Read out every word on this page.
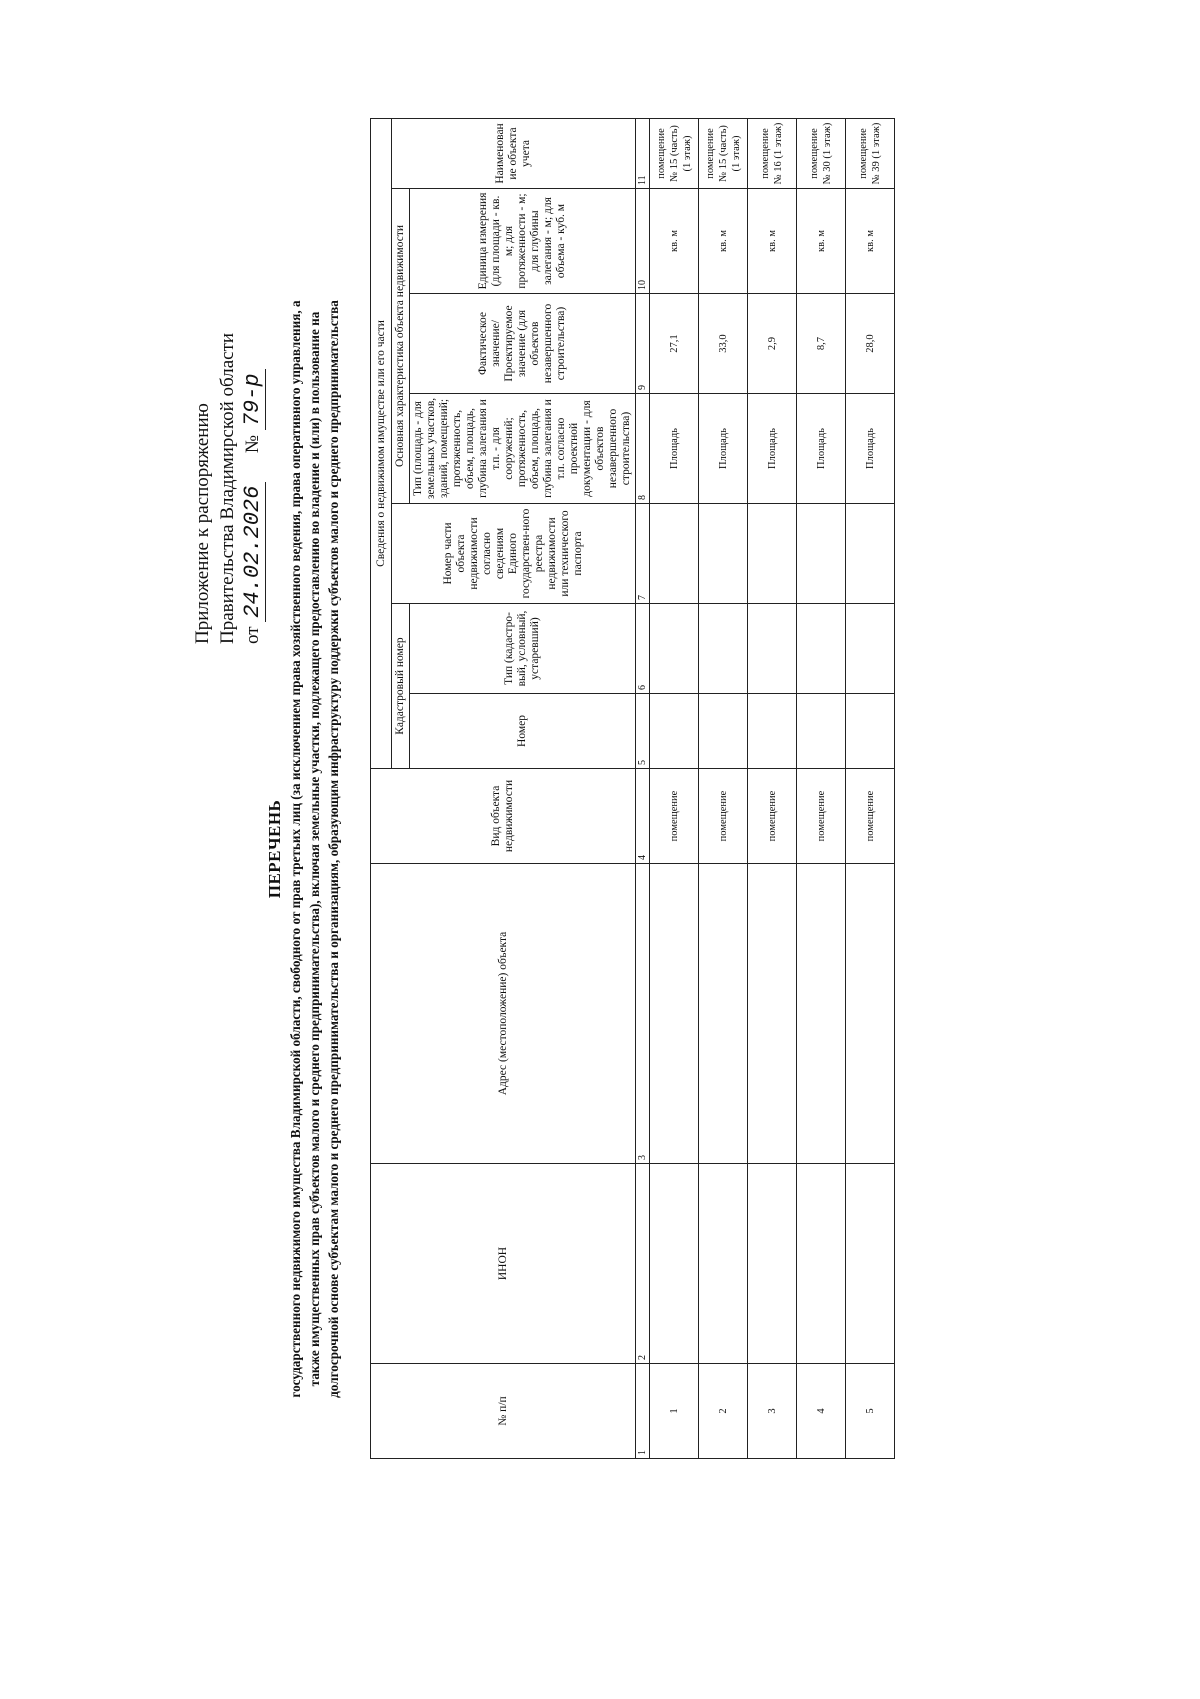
Приложение к распоряжению Правительства Владимирской области от 24.02.2026      № 79-р
ПЕРЕЧЕНЬ государственного недвижимого имущества Владимирской области, свободного от прав третьих лиц (за исключением права хозяйственного ведения, права оперативного управления, а также имущественных прав субъектов малого и среднего предпринимательства), включая земельные участки, подлежащего предоставлению во владение и (или) в пользование на долгосрочной основе субъектам малого и среднего предпринимательства и организациям, образующим инфраструктуру поддержки субъектов малого и среднего предпринимательства
№ п/п	ИНОН	Адрес (местоположение) объекта	Вид объекта недвижимости	Сведения о недвижимом имуществе или его части						
				Кадастровый номер		Номер части объекта недвижимости согласно сведениям Единого государствен-ного реестра недвижимости или технического паспорта	Основная характеристика объекта недвижимости			Наименование объекта учета
				Номер	Тип (кадастро-вый, условный, устаревший)		Тип (площадь - для земельных участков, зданий, помещений; протяженность, объем, площадь, глубина залегания и т.п. - для сооружений; протяженность, объем, площадь, глубина залегания и т.п. согласно проектной документации - для объектов незавершенного строительства)	Фактическое значение/ Проектируемое значение (для объектов незавершенного строительства)	Единица измерения (для площади - кв. м; для протяженности - м; для глубины залегания - м; для объема - куб. м	
1	2	3	4	5	6	7	8	9	10	11
1			помещение				Площадь	27,1	кв. м	помещение № 15 (часть) (1 этаж)
2			помещение				Площадь	33,0	кв. м	помещение № 15 (часть) (1 этаж)
3			помещение				Площадь	2,9	кв. м	помещение № 16 (1 этаж)
4			помещение				Площадь	8,7	кв. м	помещение № 30 (1 этаж)
5			помещение				Площадь	28,0	кв. м	помещение № 39 (1 этаж)
